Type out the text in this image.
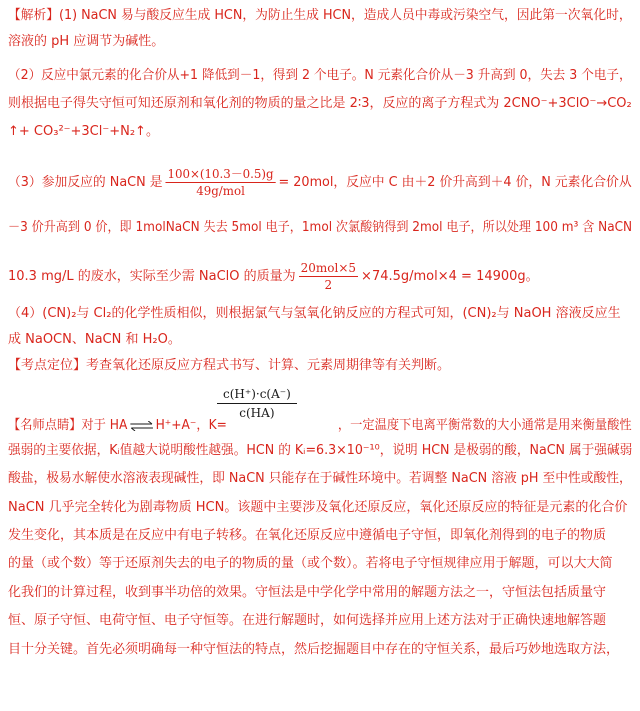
【解析】(1) NaCN 易与酸反应生成 HCN，为防止生成 HCN，造成人员中毒或污染空气，因此第一次氧化时，
溶液的 pH 应调节为碱性。
（2）反应中氯元素的化合价从+1 降低到－1，得到 2 个电子。N 元素化合价从－3 升高到 0，失去 3 个电子，
则根据电子得失守恒可知还原剂和氧化剂的物质的量之比是 2∶3，反应的离子方程式为 2CNO⁻+3ClO⁻→CO₂
↑+ CO₃²⁻+3Cl⁻+N₂↑。
（3）参加反应的 NaCN 是 $\frac{100\times(10.3-0.5)g}{\text{49g/mol}} = 20mol$，反应中 C 由＋2 价升高到＋4 价，N 元素化合价从
－3 价升高到 0 价，即 1molNaCN 失去 5mol 电子，1mol 次氯酸钠得到 2mol 电子，所以处理 100 m³ 含 NaCN
10.3 mg/L 的废水，实际至少需 NaClO 的质量为 $\frac{\text{20mol×5}}{2} \times 74.5g/mol\times 4 = 14900g$。
（4）(CN)₂与 Cl₂的化学性质相似，则根据氯气与氢氧化钠反应的方程式可知，(CN)₂与 NaOH 溶液反应生
成 NaOCN、NaCN 和 H₂O。
【考点定位】考查氧化还原反应方程式书写、计算、元素周期律等有关判断。
$\frac{c(H^+)\cdot c(A^-)}{c(HA)}$
【名师点睛】对于 HA ⇌ H⁺+A⁻，K=	，一定温度下电离平衡常数的大小通常是用来衡量酸性
强弱的主要依据，Kᵢ值越大说明酸性越强。HCN 的 Kᵢ=6.3×10⁻¹⁰，说明 HCN 是极弱的酸，NaCN 属于强碱弱
酸盐，极易水解使水溶液表现碱性，即 NaCN 只能存在于碱性环境中。若调整 NaCN 溶液 pH 至中性或酸性，
NaCN 几乎完全转化为剧毒物质 HCN。该题中主要涉及氧化还原反应，氧化还原反应的特征是元素的化合价
发生变化，其本质是在反应中有电子转移。在氧化还原反应中遵循电子守恒，即氧化剂得到的电子的物质
的量（或个数）等于还原剂失去的电子的物质的量（或个数）。若将电子守恒规律应用于解题，可以大大简
化我们的计算过程，收到事半功倍的效果。守恒法是中学化学中常用的解题方法之一，守恒法包括质量守
恒、原子守恒、电荷守恒、电子守恒等。在进行解题时，如何选择并应用上述方法对于正确快速地解答题
目十分关键。首先必须明确每一种守恒法的特点，然后挖掘题目中存在的守恒关系，最后巧妙地选取方法，
